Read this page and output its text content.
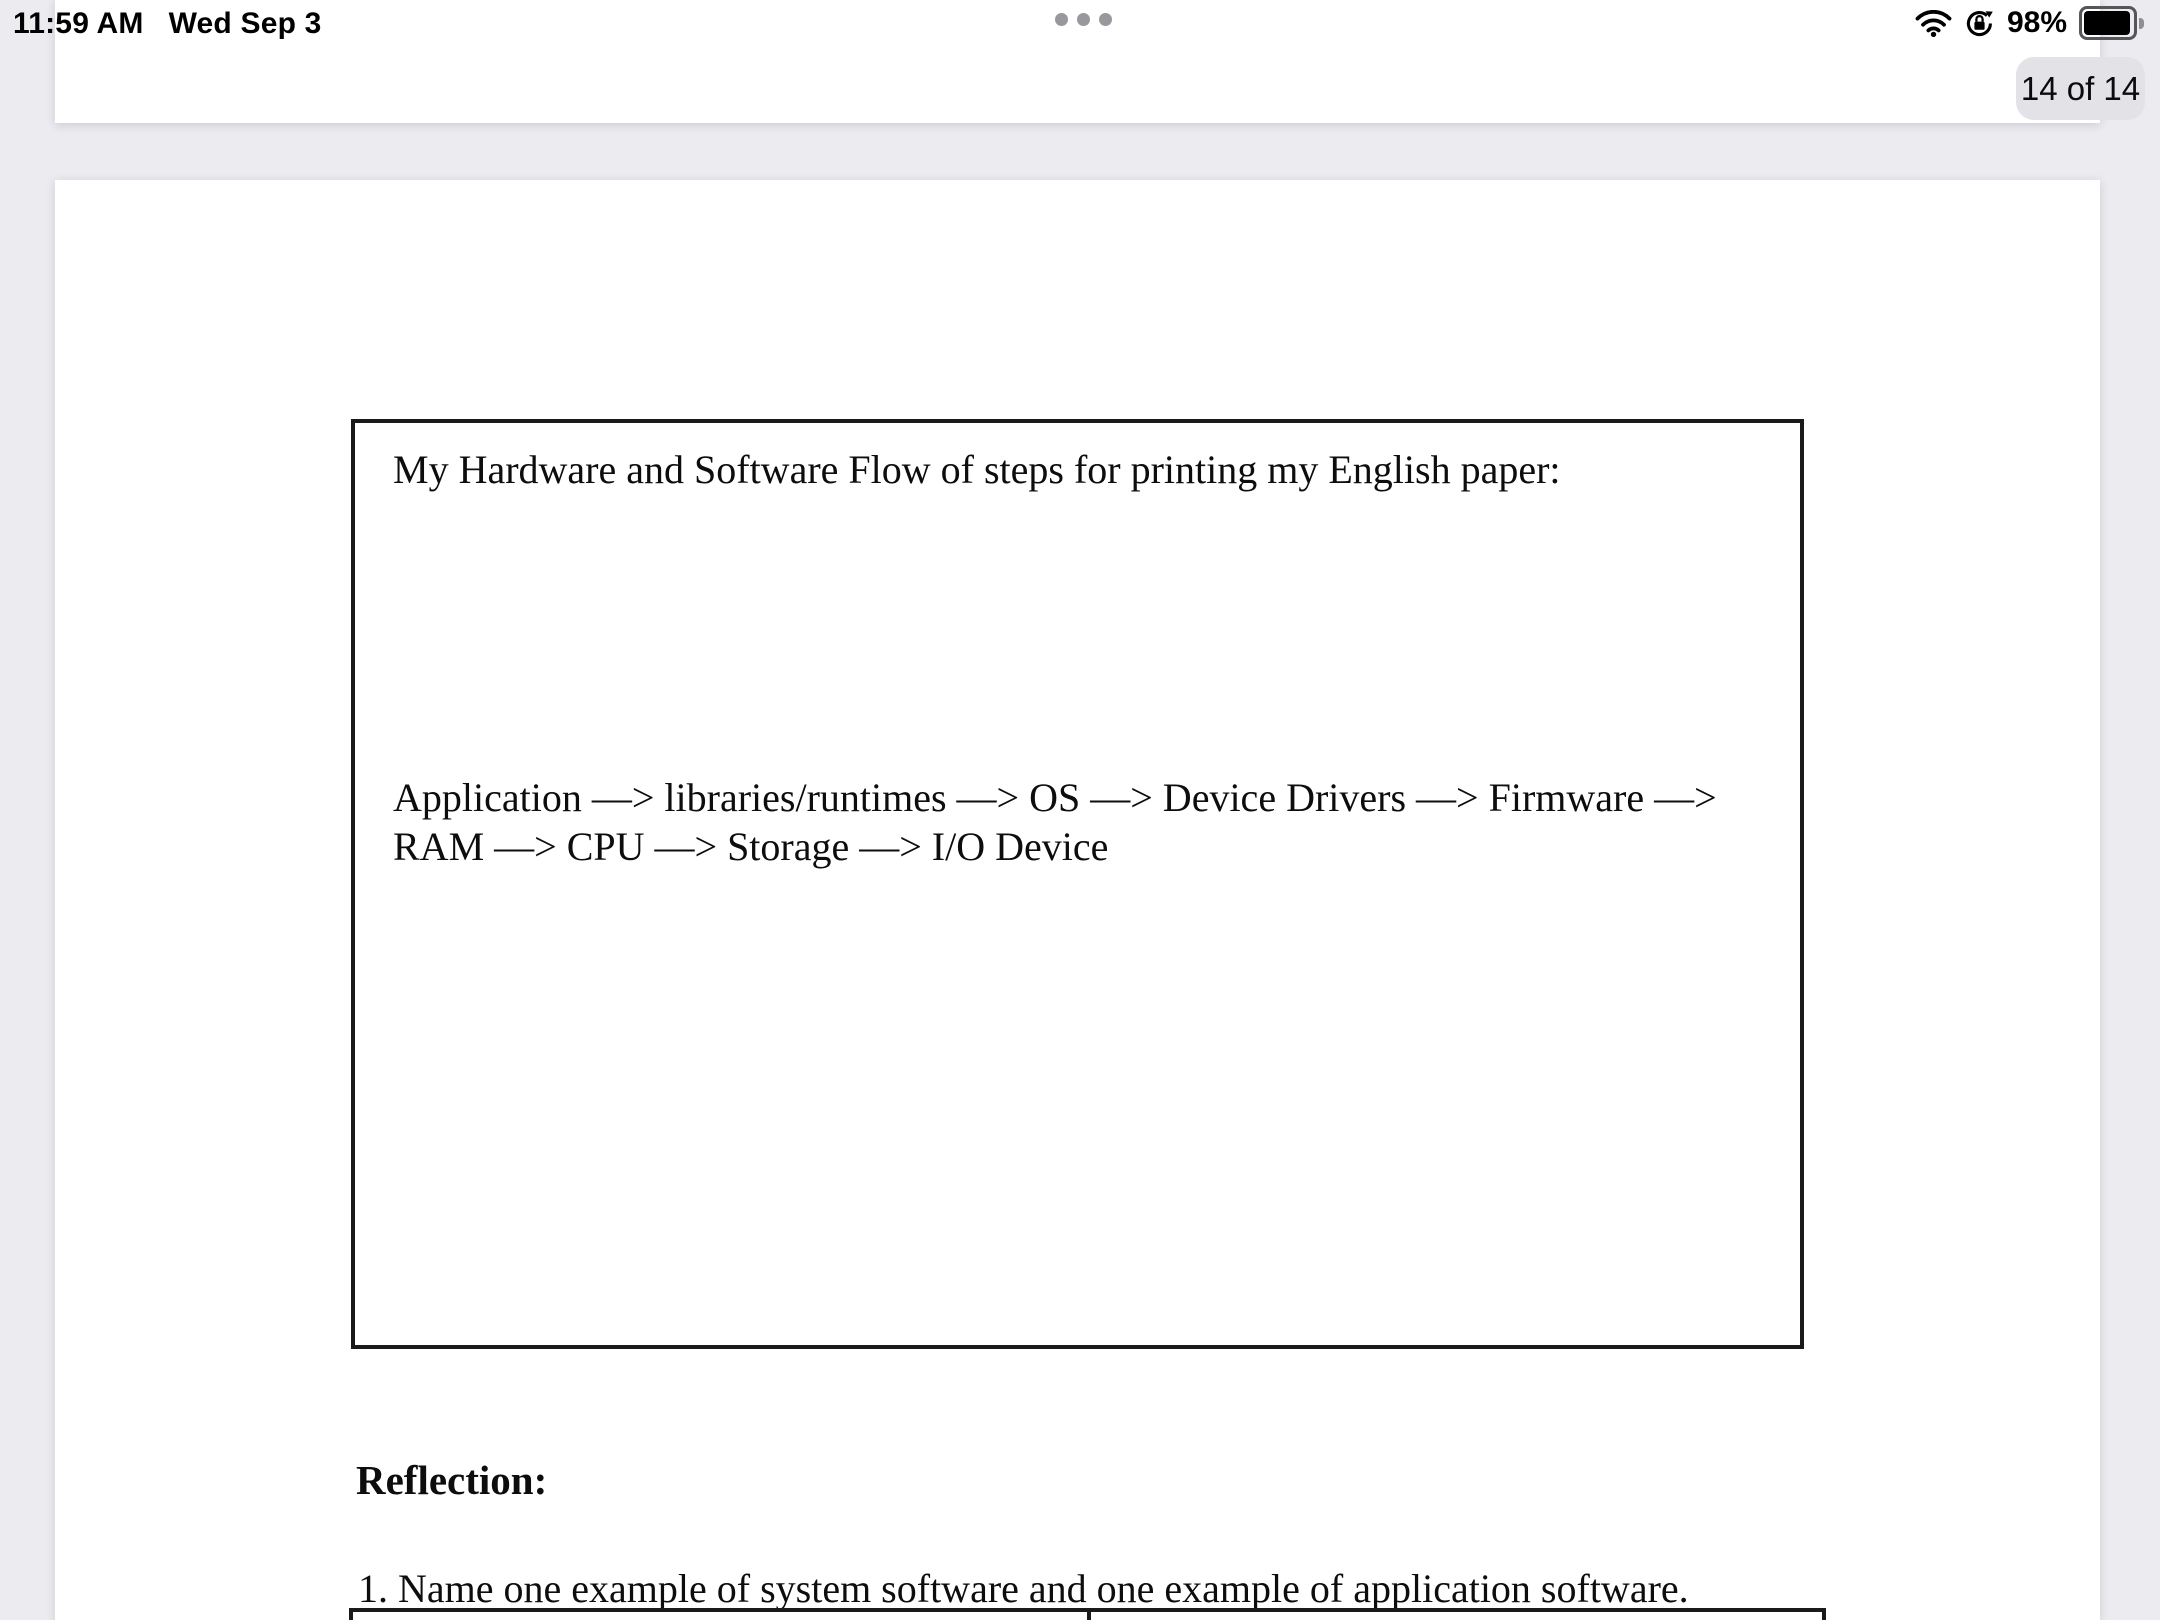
11:59 AM Wed Sep 3	98%
14 of 14
My Hardware and Software Flow of steps for printing my English paper:
Application —> libraries/runtimes —> OS —> Device Drivers —> Firmware —>
RAM —> CPU —> Storage —> I/O Device
Reflection:
1. Name one example of system software and one example of application software.
